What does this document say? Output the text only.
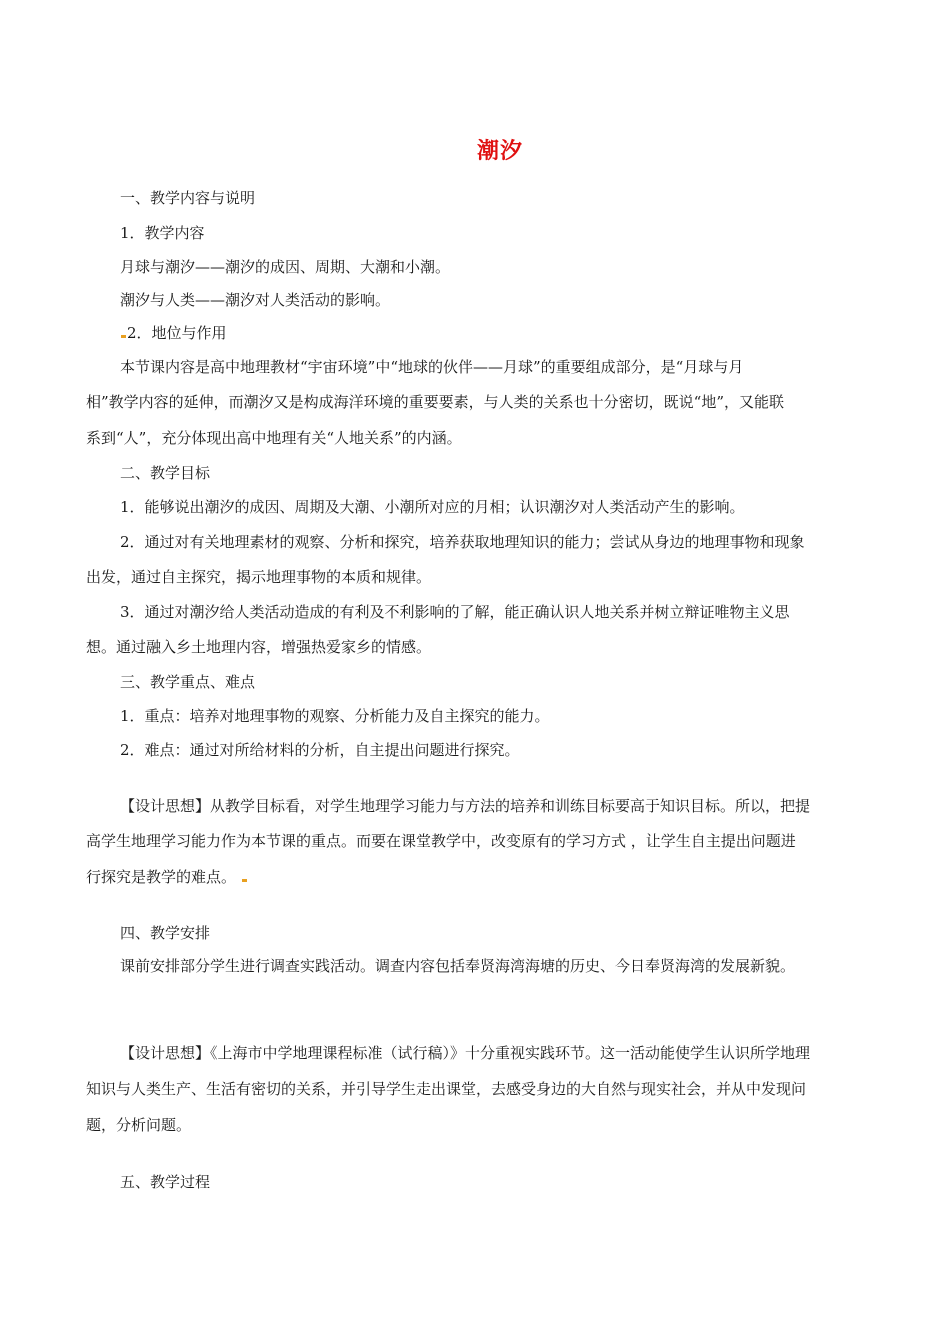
潮汐
一、教学内容与说明
1．教学内容
月球与潮汐——潮汐的成因、周期、大潮和小潮。
潮汐与人类——潮汐对人类活动的影响。
2．地位与作用
本节课内容是高中地理教材“宇宙环境”中“地球的伙伴——月球”的重要组成部分，是“月球与月
相”教学内容的延伸，而潮汐又是构成海洋环境的重要要素，与人类的关系也十分密切，既说“地”，又能联
系到“人”，充分体现出高中地理有关“人地关系”的内涵。
二、教学目标
1．能够说出潮汐的成因、周期及大潮、小潮所对应的月相；认识潮汐对人类活动产生的影响。
2．通过对有关地理素材的观察、分析和探究，培养获取地理知识的能力；尝试从身边的地理事物和现象
出发，通过自主探究，揭示地理事物的本质和规律。
3．通过对潮汐给人类活动造成的有利及不利影响的了解，能正确认识人地关系并树立辩证唯物主义思
想。通过融入乡土地理内容，增强热爱家乡的情感。
三、教学重点、难点
1．重点：培养对地理事物的观察、分析能力及自主探究的能力。
2．难点：通过对所给材料的分析，自主提出问题进行探究。
【设计思想】从教学目标看，对学生地理学习能力与方法的培养和训练目标要高于知识目标。所以，把提
高学生地理学习能力作为本节课的重点。而要在课堂教学中，改变原有的学习方式 ，让学生自主提出问题进
行探究是教学的难点。
四、教学安排
课前安排部分学生进行调查实践活动。调查内容包括奉贤海湾海塘的历史、今日奉贤海湾的发展新貌。
【设计思想】《上海市中学地理课程标准（试行稿）》十分重视实践环节。这一活动能使学生认识所学地理
知识与人类生产、生活有密切的关系，并引导学生走出课堂，去感受身边的大自然与现实社会，并从中发现问
题，分析问题。
五、教学过程
